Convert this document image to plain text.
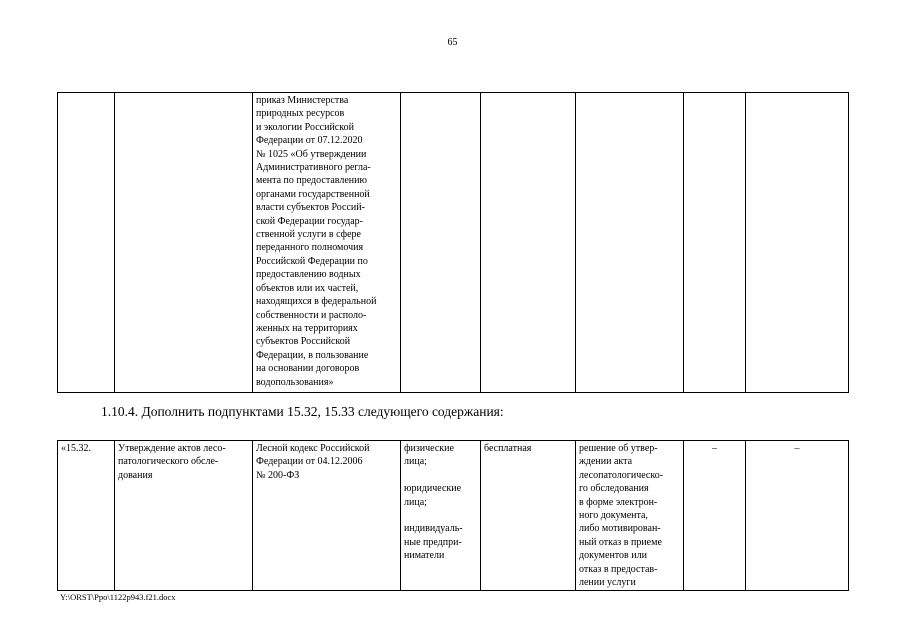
65
		приказ Министерства
природных ресурсов
и экологии Российской
Федерации от 07.12.2020
№ 1025 «Об утверждении
Административного регла-
мента по предоставлению
органами государственной
власти субъектов Россий-
ской Федерации государ-
ственной услуги в сфере
переданного полномочия
Российской Федерации по
предоставлению водных
объектов или их частей,
находящихся в федеральной
собственности и располо-
женных на территориях
субъектов Российской
Федерации, в пользование
на основании договоров
водопользования»					
1.10.4. Дополнить подпунктами 15.32, 15.33 следующего содержания:
«15.32.	Утверждение актов лесо-
патологического обсле-
дования	Лесной кодекс Российской
Федерации от 04.12.2006
№ 200-ФЗ	физические
лица;

юридические
лица;

индивидуаль-
ные предпри-
ниматели	бесплатная	решение об утвер-
ждении акта
лесопатологическо-
го обследования
в форме электрон-
ного документа,
либо мотивирован-
ный отказ в приеме
документов или
отказ в предостав-
лении услуги	–	–
Y:\ORST\Ppo\1122p943.f21.docx
